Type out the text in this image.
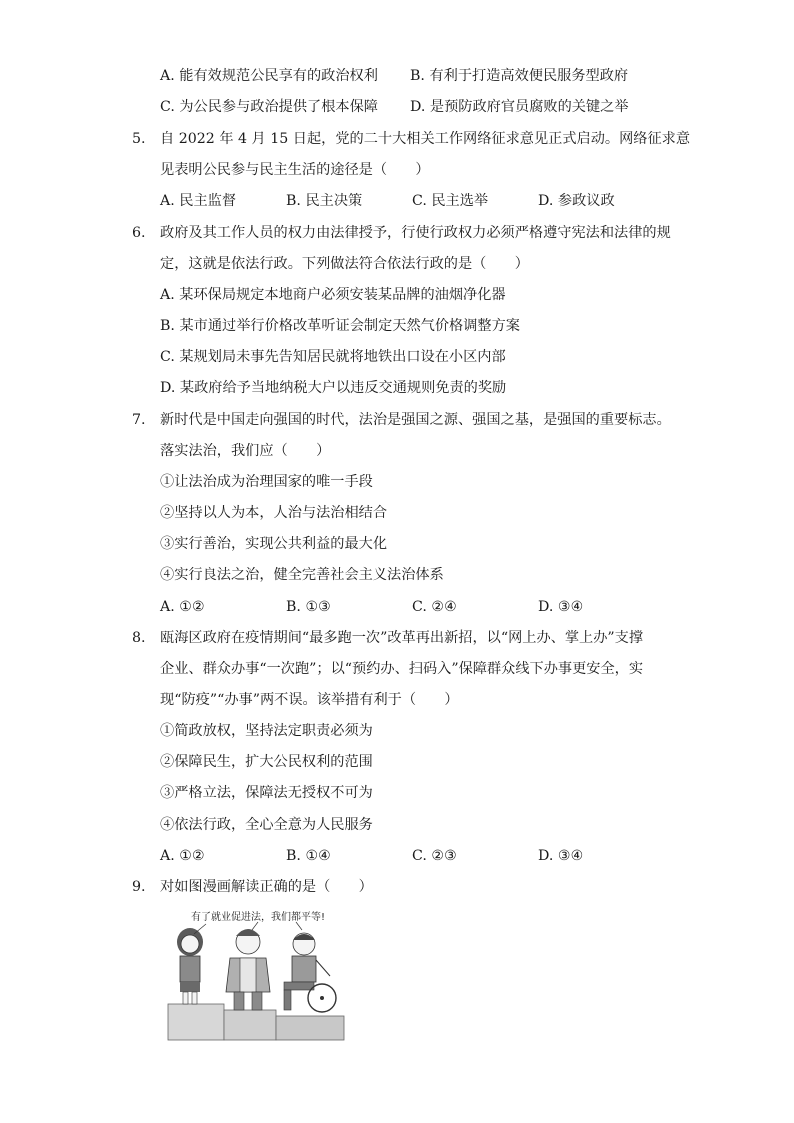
A. 能有效规范公民享有的政治权利 B. 有利于打造高效便民服务型政府
C. 为公民参与政治提供了根本保障 D. 是预防政府官员腐败的关键之举
5.	自 2022 年 4 月 15 日起，党的二十大相关工作网络征求意见正式启动。网络征求意
见表明公民参与民主生活的途径是（　　）
A. 民主监督	B. 民主决策	C. 民主选举	D. 参政议政
6.	政府及其工作人员的权力由法律授予，行使行政权力必须严格遵守宪法和法律的规
定，这就是依法行政。下列做法符合依法行政的是（　　）
A. 某环保局规定本地商户必须安装某品牌的油烟净化器
B. 某市通过举行价格改革听证会制定天然气价格调整方案
C. 某规划局未事先告知居民就将地铁出口设在小区内部
D. 某政府给予当地纳税大户以违反交通规则免责的奖励
7.	新时代是中国走向强国的时代，法治是强国之源、强国之基，是强国的重要标志。
落实法治，我们应（　　）
①让法治成为治理国家的唯一手段
②坚持以人为本，人治与法治相结合
③实行善治，实现公共利益的最大化
④实行良法之治，健全完善社会主义法治体系
A. ①②	B. ①③	C. ②④	D. ③④
8.	瓯海区政府在疫情期间“最多跑一次”改革再出新招，以“网上办、掌上办”支撑
企业、群众办事“一次跑”；以“预约办、扫码入”保障群众线下办事更安全，实
现“防疫”“办事”两不误。该举措有利于（　　）
①简政放权，坚持法定职责必须为
②保障民生，扩大公民权利的范围
③严格立法，保障法无授权不可为
④依法行政，全心全意为人民服务
A. ①②	B. ①④	C. ②③	D. ③④
9.	对如图漫画解读正确的是（　　）
有了就业促进法，我们都平等!
